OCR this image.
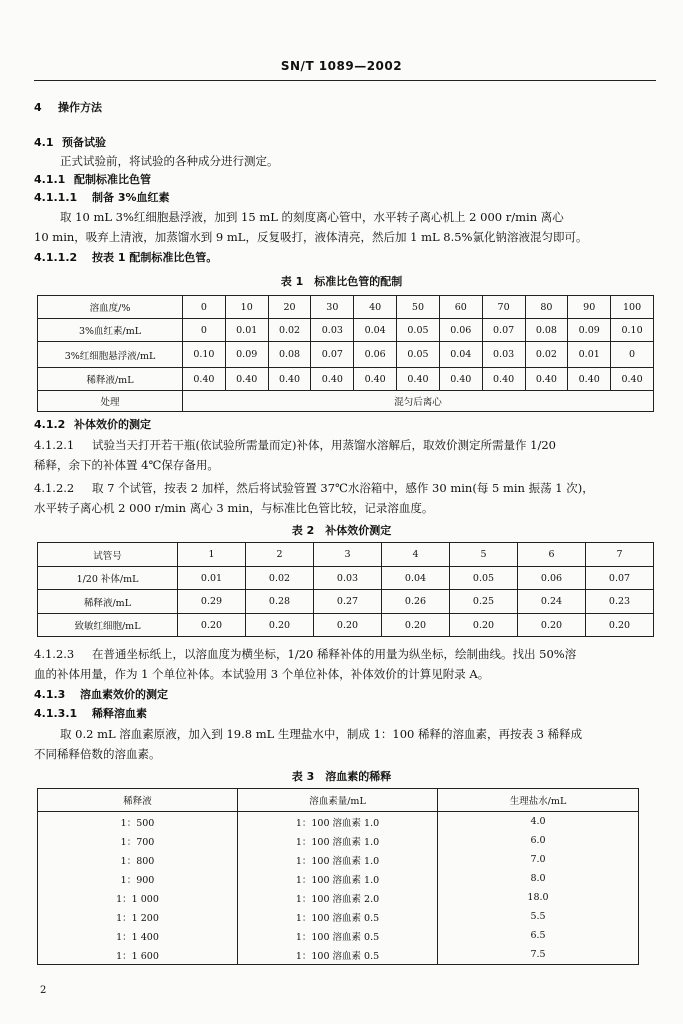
SN/T 1089—2002
4 操作方法
4.1 预备试验
正式试验前，将试验的各种成分进行测定。
4.1.1 配制标准比色管
4.1.1.1 制备 3%血红素
取 10 mL 3%红细胞悬浮液，加到 15 mL 的刻度离心管中，水平转子离心机上 2 000 r/min 离心
10 min，吸弃上清液，加蒸馏水到 9 mL，反复吸打，液体清亮，然后加 1 mL 8.5%氯化钠溶液混匀即可。
4.1.1.2 按表 1 配制标准比色管。
表 1　标准比色管的配制
溶血度/%	0	10	20	30	40	50	60	70	80	90	100
3%血红素/mL	0	0.01	0.02	0.03	0.04	0.05	0.06	0.07	0.08	0.09	0.10
3%红细胞悬浮液/mL	0.10	0.09	0.08	0.07	0.06	0.05	0.04	0.03	0.02	0.01	0
稀释液/mL	0.40	0.40	0.40	0.40	0.40	0.40	0.40	0.40	0.40	0.40	0.40
处理	混匀后离心										
4.1.2 补体效价的测定
4.1.2.1 试验当天打开若干瓶(依试验所需量而定)补体，用蒸馏水溶解后，取效价测定所需量作 1/20
稀释，余下的补体置 4℃保存备用。
4.1.2.2 取 7 个试管，按表 2 加样，然后将试验管置 37℃水浴箱中，感作 30 min(每 5 min 振荡 1 次)，
水平转子离心机 2 000 r/min 离心 3 min，与标准比色管比较，记录溶血度。
表 2　补体效价测定
试管号	1	2	3	4	5	6	7
1/20 补体/mL	0.01	0.02	0.03	0.04	0.05	0.06	0.07
稀释液/mL	0.29	0.28	0.27	0.26	0.25	0.24	0.23
致敏红细胞/mL	0.20	0.20	0.20	0.20	0.20	0.20	0.20
4.1.2.3 在普通坐标纸上，以溶血度为横坐标，1/20 稀释补体的用量为纵坐标，绘制曲线。找出 50%溶
血的补体用量，作为 1 个单位补体。本试验用 3 个单位补体，补体效价的计算见附录 A。
4.1.3 溶血素效价的测定
4.1.3.1 稀释溶血素
取 0.2 mL 溶血素原液，加入到 19.8 mL 生理盐水中，制成 1：100 稀释的溶血素，再按表 3 稀释成
不同稀释倍数的溶血素。
表 3　溶血素的稀释
稀释液	溶血素量/mL	生理盐水/mL
1：500	1：100 溶血素 1.0	4.0
1：700	1：100 溶血素 1.0	6.0
1：800	1：100 溶血素 1.0	7.0
1：900	1：100 溶血素 1.0	8.0
1：1 000	1：100 溶血素 2.0	18.0
1：1 200	1：100 溶血素 0.5	5.5
1：1 400	1：100 溶血素 0.5	6.5
1：1 600	1：100 溶血素 0.5	7.5
2
